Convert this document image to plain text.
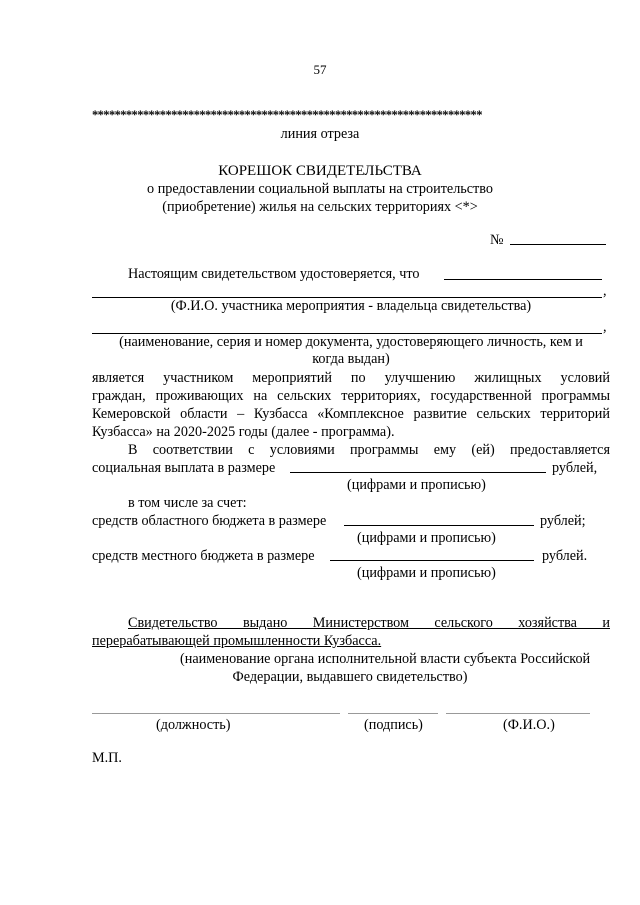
57
*********************************************************************
линия отреза
КОРЕШОК СВИДЕТЕЛЬСТВА
о предоставлении социальной выплаты на строительство
(приобретение) жилья на сельских территориях <*>
№
Настоящим свидетельством удостоверяется, что
,
(Ф.И.О. участника мероприятия - владельца свидетельства)
,
(наименование, серия и номер документа, удостоверяющего личность, кем и
когда выдан)
является участником мероприятий по улучшению жилищных условий
граждан, проживающих на сельских территориях, государственной программы
Кемеровской области – Кузбасса «Комплексное развитие сельских территорий
Кузбасса» на 2020-2025 годы (далее - программа).
В соответствии с условиями программы ему (ей) предоставляется
социальная выплата в размере	рублей,
(цифрами и прописью)
в том числе за счет:
средств областного бюджета в размере	рублей;
(цифрами и прописью)
средств местного бюджета в размере	рублей.
(цифрами и прописью)
Свидетельство выдано Министерством сельского хозяйства и
перерабатывающей промышленности Кузбасса.
(наименование органа исполнительной власти субъекта Российской
Федерации, выдавшего свидетельство)
(должность)	(подпись)	(Ф.И.О.)
М.П.
